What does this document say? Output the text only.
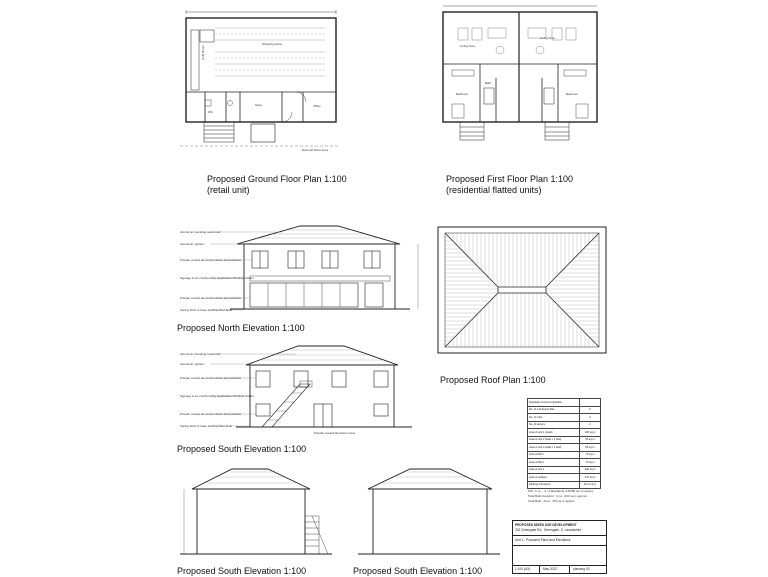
Shopping Area
Cold Room
Store
WC
Office
External Store Area
Proposed Ground Floor Plan 1:100
(retail unit)
Living Area
Living Area
Bedroom	Bedroom
Bath
Proposed First Floor Plan 1:100
(residential flatted units)
Aluminium standing seam roof
Aluminium gutters
Powder coated aluminium doors and windows
Signage to be confirmed by application Off white render
Powder coated aluminium doors and windows
Facing brick to base and first floor level
Proposed North Elevation 1:100
Proposed Roof Plan 1:100
Aluminium standing seam roof
Aluminium gutters
Powder coated aluminium doors and windows
Signage to be confirmed by application Off white render
Powder coated aluminium doors and windows
Facing brick to base and first floor level
Powder coated aluminium door
Proposed South Elevation 1:100
Proposed South Elevation 1:100	Proposed South Elevation 1:100
Schedule of Accommodation	
No. of 1 bedroom flats	2
No. of units	3
No. of storeys	2
Area of unit 1 (retail)	130 sq.m
Area of unit 2 (total + 1 bed)	65 sq.m
Area of unit 3 (total + 1 bed)	65 sq.m
Area of flat 1	70 sq.m
Area of flat 2	70 sq.m
Area of unit 1	230 sq.m
Area of parking	170 sq.m
Parking (off-street)	11 (3 min.)
Plot: 4 no. - 3 / 1 Residents (130/80 sq.m) approx
Total Built Footprint : 4 no.: 233 sq.m approx
Total Built : Area : 370 sq.m approx
PROPOSED MIXED USE DEVELOPMENT
202 Greengate Rd., Greengate, S. Lanarkshire
Unit 1 - Proposed Plans and Elevations
1:100 (A3)	May 2022	planning 03
